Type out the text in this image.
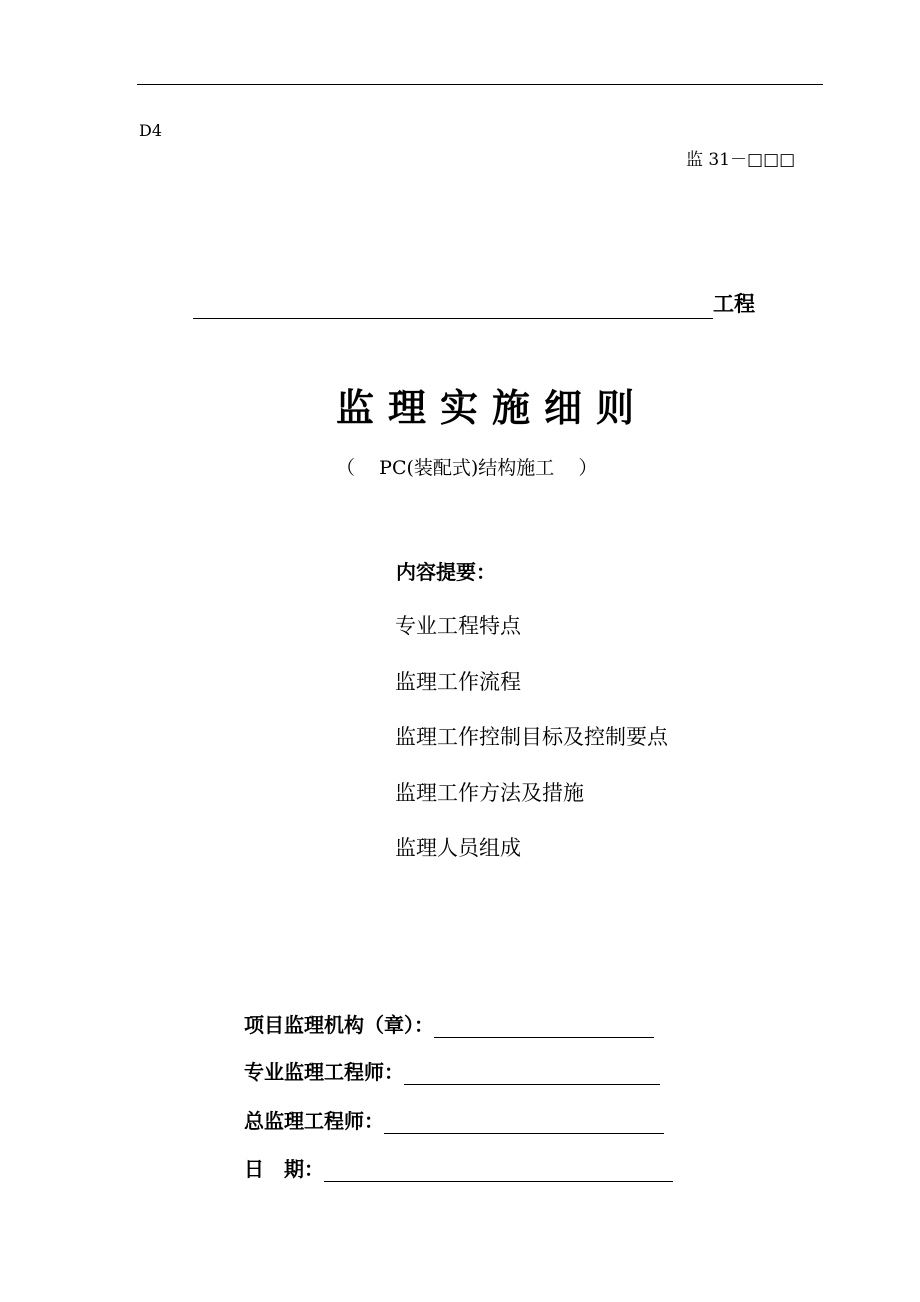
D4
监 31－□□□
工程
监理实施细则
（    PC(装配式)结构施工    ）
内容提要：
专业工程特点
监理工作流程
监理工作控制目标及控制要点
监理工作方法及措施
监理人员组成
项目监理机构（章）：
专业监理工程师：
总监理工程师：
日　期：
